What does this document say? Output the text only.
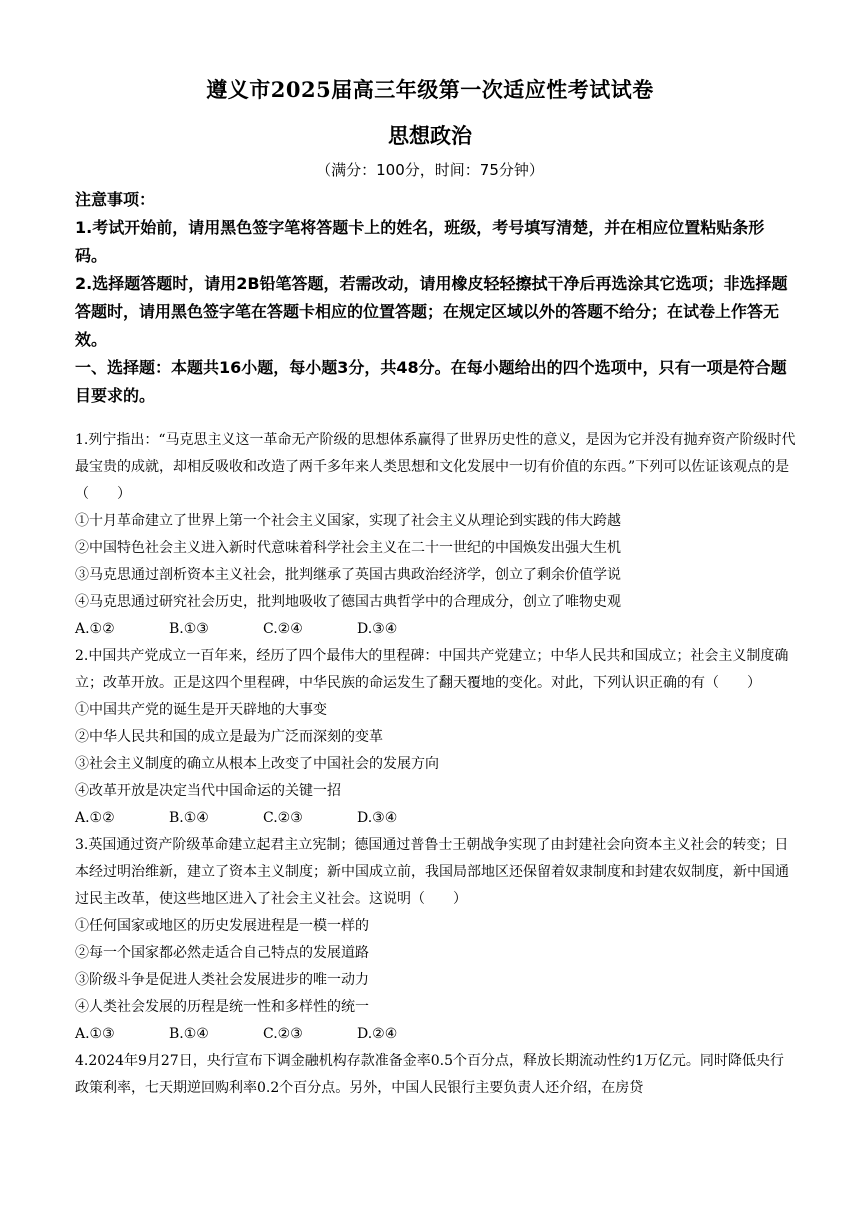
遵义市2025届高三年级第一次适应性考试试卷
思想政治
（满分：100分，时间：75分钟）

注意事项：

1.考试开始前，请用黑色签字笔将答题卡上的姓名，班级，考号填写清楚，并在相应位置粘贴条形码。

2.选择题答题时，请用2B铅笔答题，若需改动，请用橡皮轻轻擦拭干净后再选涂其它选项；非选择题答题时，请用黑色签字笔在答题卡相应的位置答题；在规定区域以外的答题不给分；在试卷上作答无效。

一、选择题：本题共16小题，每小题3分，共48分。在每小题给出的四个选项中，只有一项是符合题目要求的。

1.列宁指出：“马克思主义这一革命无产阶级的思想体系赢得了世界历史性的意义，是因为它并没有抛弃资产阶级时代最宝贵的成就，却相反吸收和改造了两千多年来人类思想和文化发展中一切有价值的东西。”下列可以佐证该观点的是（　　）

①十月革命建立了世界上第一个社会主义国家，实现了社会主义从理论到实践的伟大跨越

②中国特色社会主义进入新时代意味着科学社会主义在二十一世纪的中国焕发出强大生机

③马克思通过剖析资本主义社会，批判继承了英国古典政治经济学，创立了剩余价值学说

④马克思通过研究社会历史，批判地吸收了德国古典哲学中的合理成分，创立了唯物史观

A.①②	B.①③	C.②④	D.③④

2.中国共产党成立一百年来，经历了四个最伟大的里程碑：中国共产党建立；中华人民共和国成立；社会主义制度确立；改革开放。正是这四个里程碑，中华民族的命运发生了翻天覆地的变化。对此，下列认识正确的有（　　）

①中国共产党的诞生是开天辟地的大事变

②中华人民共和国的成立是最为广泛而深刻的变革

③社会主义制度的确立从根本上改变了中国社会的发展方向

④改革开放是决定当代中国命运的关键一招

A.①②	B.①④	C.②③	D.③④

3.英国通过资产阶级革命建立起君主立宪制；德国通过普鲁士王朝战争实现了由封建社会向资本主义社会的转变；日本经过明治维新，建立了资本主义制度；新中国成立前，我国局部地区还保留着奴隶制度和封建农奴制度，新中国通过民主改革，使这些地区进入了社会主义社会。这说明（　　）

①任何国家或地区的历史发展进程是一模一样的

②每一个国家都必然走适合自己特点的发展道路

③阶级斗争是促进人类社会发展进步的唯一动力

④人类社会发展的历程是统一性和多样性的统一

A.①③	B.①④	C.②③	D.②④

4.2024年9月27日，央行宣布下调金融机构存款准备金率0.5个百分点，释放长期流动性约1万亿元。同时降低央行政策利率，七天期逆回购利率0.2个百分点。另外，中国人民银行主要负责人还介绍，在房贷
